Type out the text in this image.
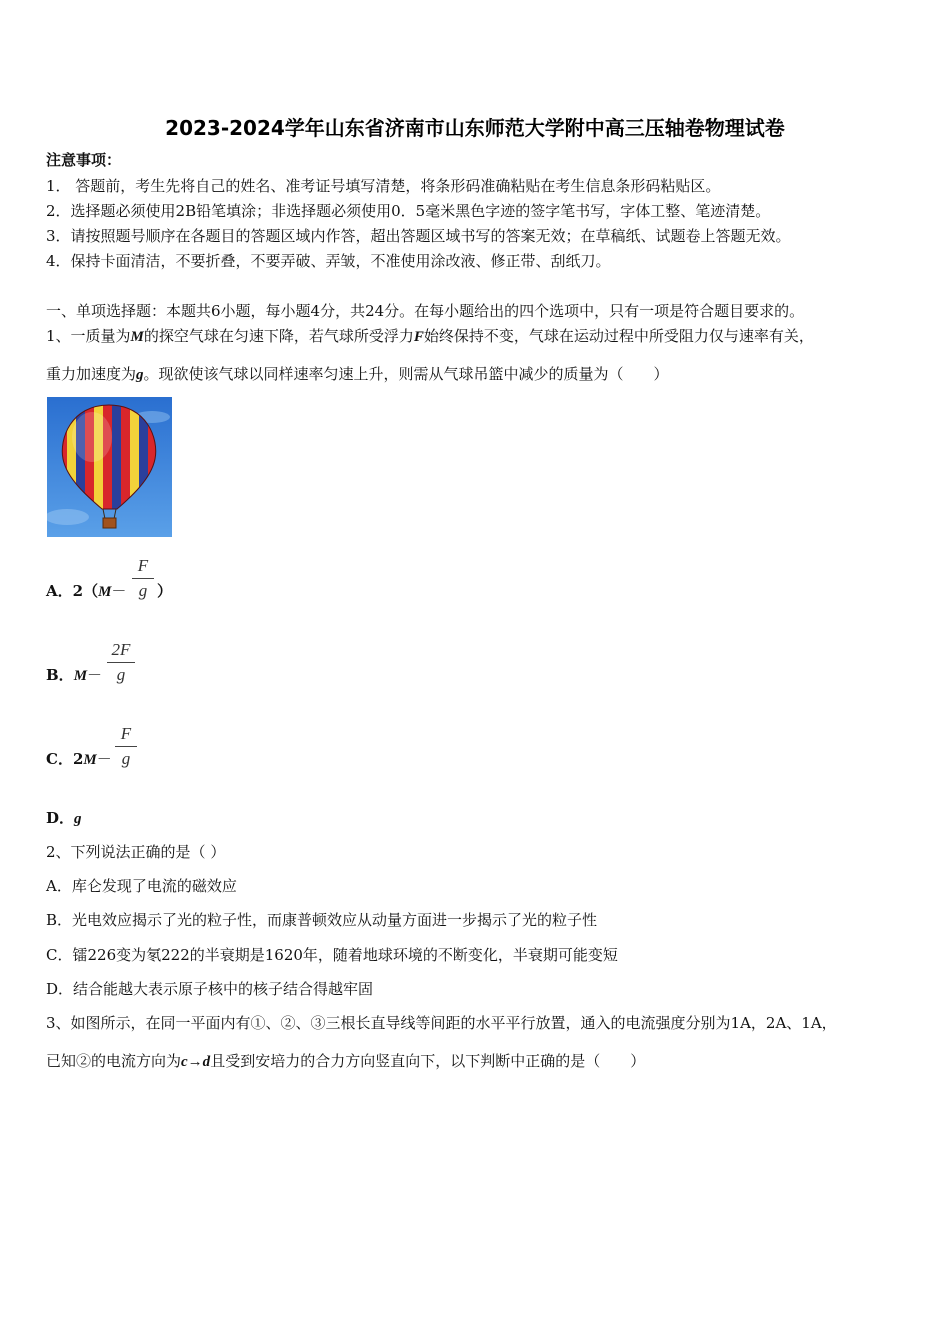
2023-2024学年山东省济南市山东师范大学附中高三压轴卷物理试卷
注意事项：
1． 答题前，考生先将自己的姓名、准考证号填写清楚，将条形码准确粘贴在考生信息条形码粘贴区。
2．选择题必须使用2B铅笔填涂；非选择题必须使用0．5毫米黑色字迹的签字笔书写，字体工整、笔迹清楚。
3．请按照题号顺序在各题目的答题区域内作答，超出答题区域书写的答案无效；在草稿纸、试题卷上答题无效。
4．保持卡面清洁，不要折叠，不要弄破、弄皱，不准使用涂改液、修正带、刮纸刀。
一、单项选择题：本题共6小题，每小题4分，共24分。在每小题给出的四个选项中，只有一项是符合题目要求的。
1、一质量为M的探空气球在匀速下降，若气球所受浮力F始终保持不变，气球在运动过程中所受阻力仅与速率有关，
重力加速度为g。现欲使该气球以同样速率匀速上升，则需从气球吊篮中减少的质量为（　　）
A．2（M－
F
g ）
B．M－
2F
g
C．2M－
F
g
D．g
2、下列说法正确的是（ ）
A．库仑发现了电流的磁效应
B．光电效应揭示了光的粒子性，而康普顿效应从动量方面进一步揭示了光的粒子性
C．镭226变为氡222的半衰期是1620年，随着地球环境的不断变化，半衰期可能变短
D．结合能越大表示原子核中的核子结合得越牢固
3、如图所示，在同一平面内有①、②、③三根长直导线等间距的水平平行放置，通入的电流强度分别为1A，2A、1A，
已知②的电流方向为c→d且受到安培力的合力方向竖直向下，以下判断中正确的是（　　）
